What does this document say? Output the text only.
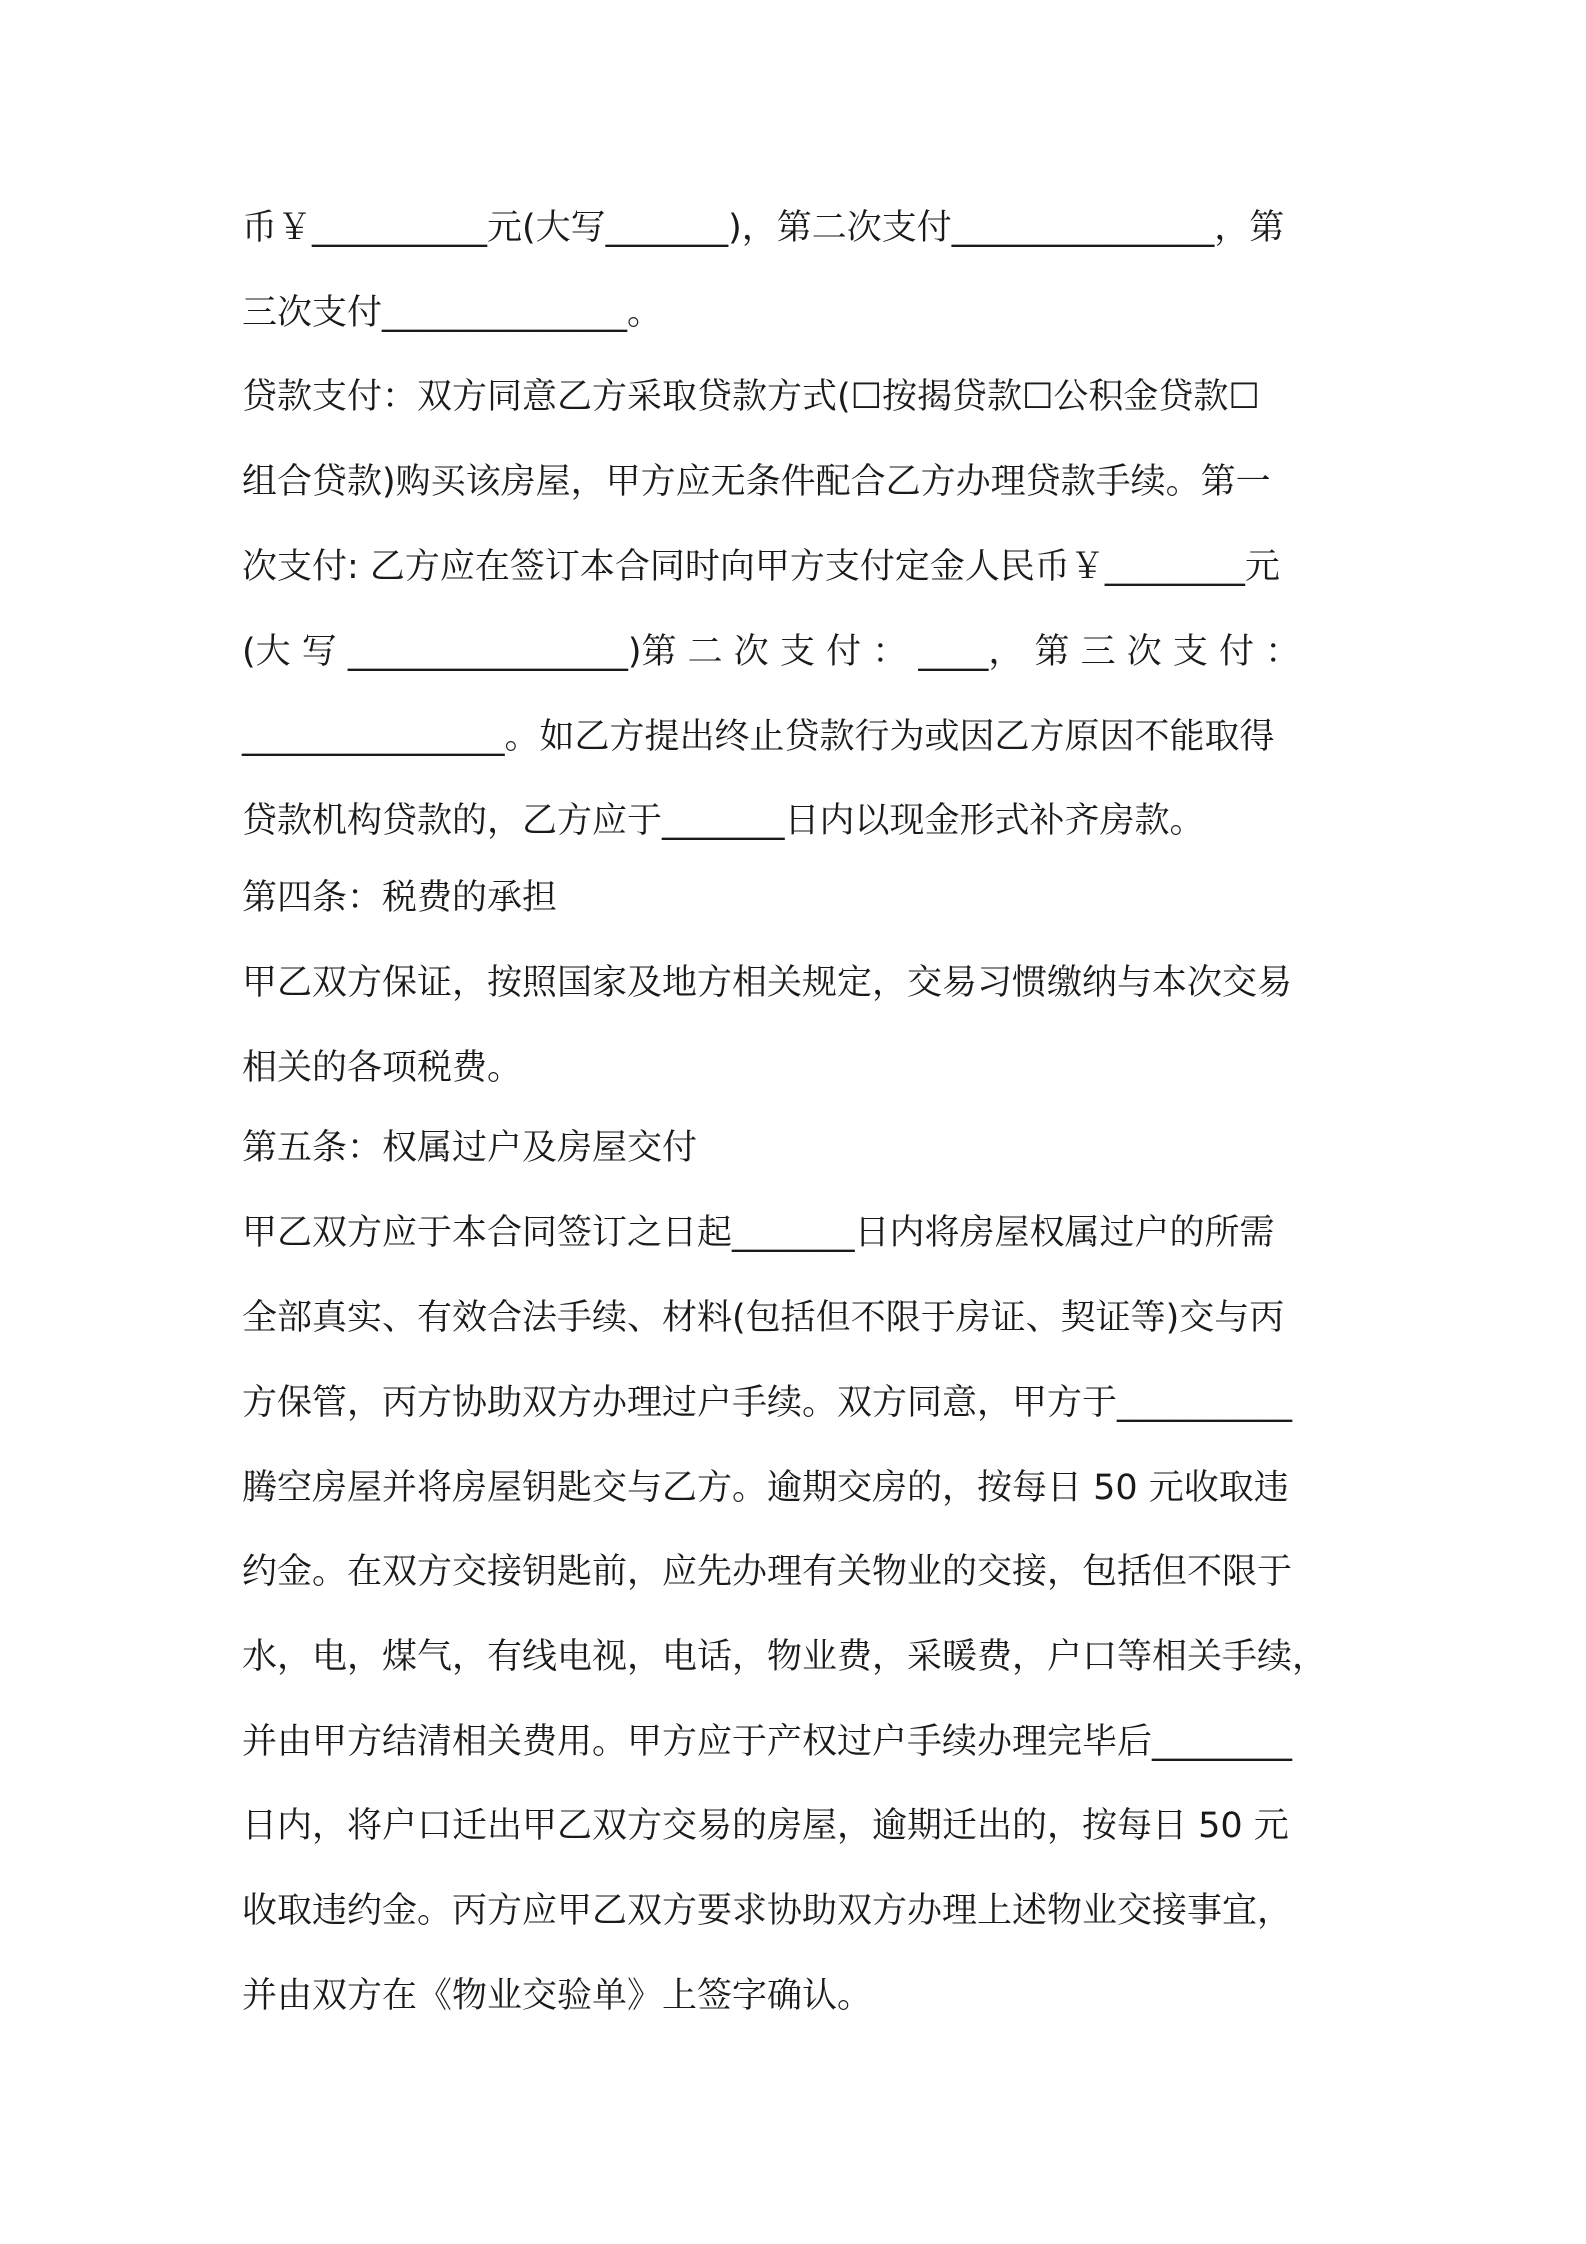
币￥__________元(大写_______)，第二次支付_______________，第
三次支付______________。
贷款支付：双方同意乙方采取贷款方式(☐按揭贷款☐公积金贷款☐
组合贷款)购买该房屋，甲方应无条件配合乙方办理贷款手续。第一
次支付: 乙方应在签订本合同时向甲方支付定金人民币￥________元
(大 写 ________________)第 二 次 支 付 ： ____， 第 三 次 支 付 ：
_______________。如乙方提出终止贷款行为或因乙方原因不能取得
贷款机构贷款的，乙方应于_______日内以现金形式补齐房款。
第四条：税费的承担
甲乙双方保证，按照国家及地方相关规定，交易习惯缴纳与本次交易
相关的各项税费。
第五条：权属过户及房屋交付
甲乙双方应于本合同签订之日起_______日内将房屋权属过户的所需
全部真实、有效合法手续、材料(包括但不限于房证、契证等)交与丙
方保管，丙方协助双方办理过户手续。双方同意，甲方于__________
腾空房屋并将房屋钥匙交与乙方。逾期交房的，按每日 50 元收取违
约金。在双方交接钥匙前，应先办理有关物业的交接，包括但不限于
水，电，煤气，有线电视，电话，物业费，采暖费，户口等相关手续，
并由甲方结清相关费用。甲方应于产权过户手续办理完毕后________
日内，将户口迁出甲乙双方交易的房屋，逾期迁出的，按每日 50 元
收取违约金。丙方应甲乙双方要求协助双方办理上述物业交接事宜，
并由双方在《物业交验单》上签字确认。
